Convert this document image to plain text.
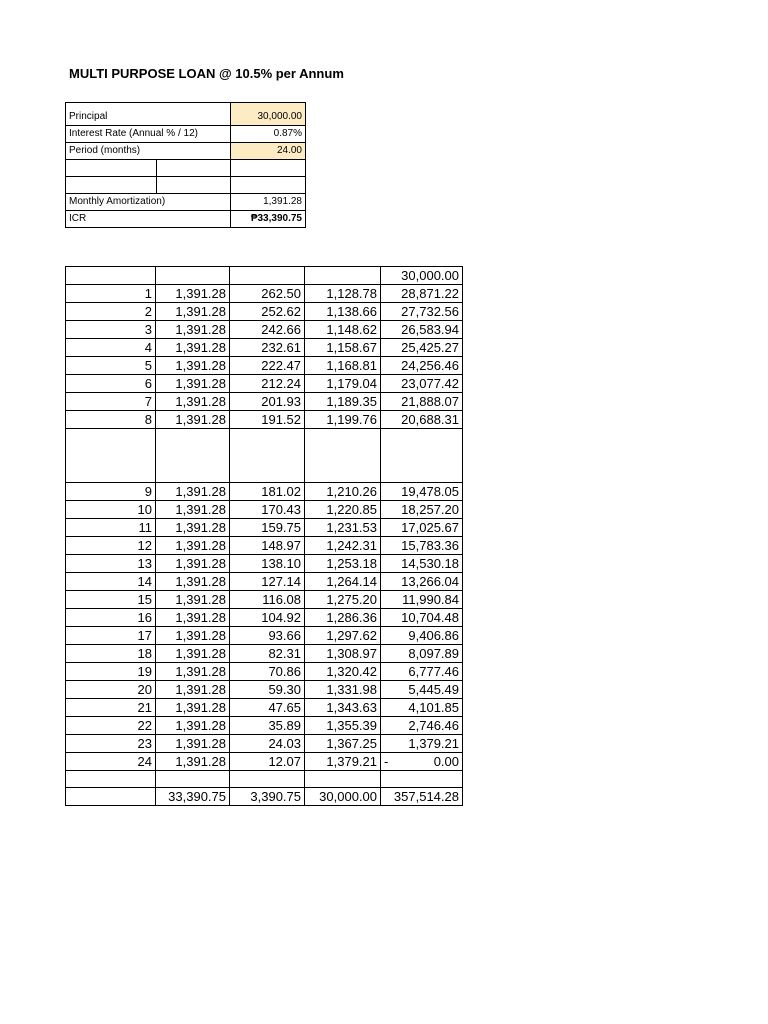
MULTI PURPOSE LOAN @ 10.5% per Annum
Principal		30,000.00
Interest Rate (Annual % / 12)		0.87%
Period (months)		24.00

Monthly Amortization)		1,391.28
ICR		₱33,390.75
				30,000.00
1	1,391.28	262.50	1,128.78	28,871.22
2	1,391.28	252.62	1,138.66	27,732.56
3	1,391.28	242.66	1,148.62	26,583.94
4	1,391.28	232.61	1,158.67	25,425.27
5	1,391.28	222.47	1,168.81	24,256.46
6	1,391.28	212.24	1,179.04	23,077.42
7	1,391.28	201.93	1,189.35	21,888.07
8	1,391.28	191.52	1,199.76	20,688.31

9	1,391.28	181.02	1,210.26	19,478.05
10	1,391.28	170.43	1,220.85	18,257.20
11	1,391.28	159.75	1,231.53	17,025.67
12	1,391.28	148.97	1,242.31	15,783.36
13	1,391.28	138.10	1,253.18	14,530.18
14	1,391.28	127.14	1,264.14	13,266.04
15	1,391.28	116.08	1,275.20	11,990.84
16	1,391.28	104.92	1,286.36	10,704.48
17	1,391.28	93.66	1,297.62	9,406.86
18	1,391.28	82.31	1,308.97	8,097.89
19	1,391.28	70.86	1,320.42	6,777.46
20	1,391.28	59.30	1,331.98	5,445.49
21	1,391.28	47.65	1,343.63	4,101.85
22	1,391.28	35.89	1,355.39	2,746.46
23	1,391.28	24.03	1,367.25	1,379.21
24	1,391.28	12.07	1,379.21	- 0.00

	33,390.75	3,390.75	30,000.00	357,514.28
